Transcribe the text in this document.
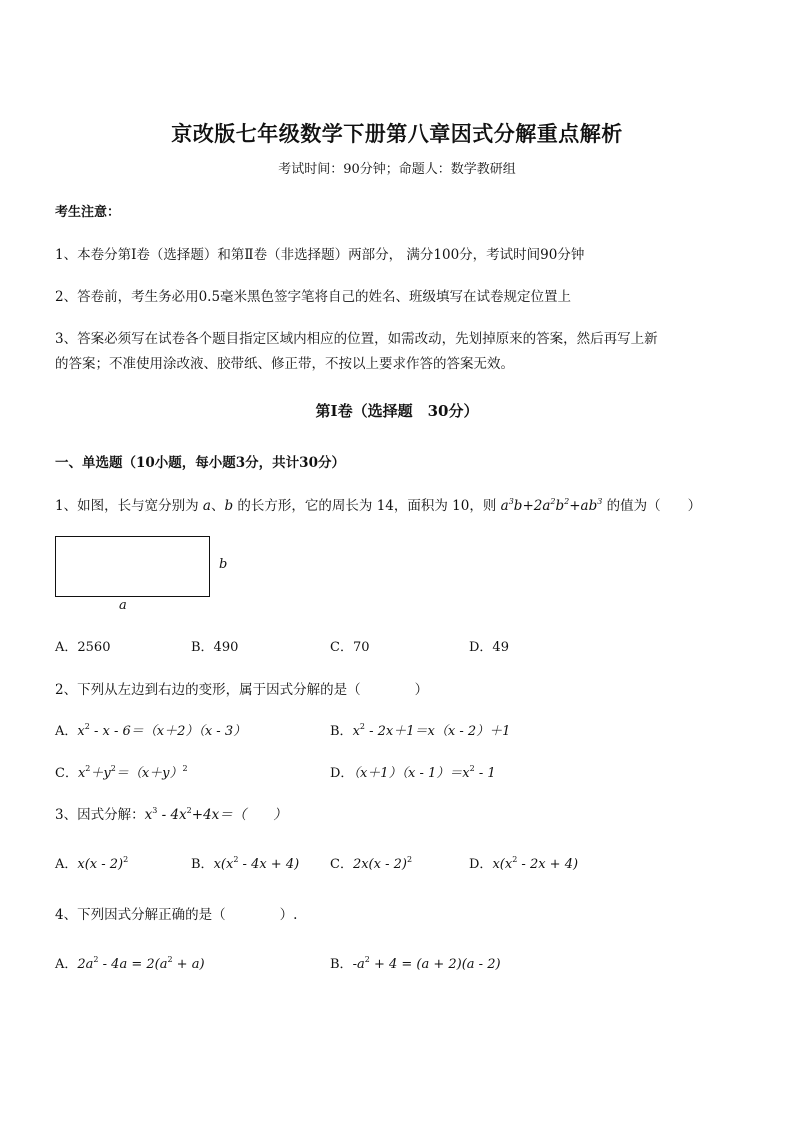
京改版七年级数学下册第八章因式分解重点解析
考试时间：90分钟；命题人：数学教研组
考生注意：
1、本卷分第Ⅰ卷（选择题）和第Ⅱ卷（非选择题）两部分， 满分100分，考试时间90分钟
2、答卷前，考生务必用0.5毫米黑色签字笔将自己的姓名、班级填写在试卷规定位置上
3、答案必须写在试卷各个题目指定区域内相应的位置，如需改动，先划掉原来的答案，然后再写上新
的答案；不准使用涂改液、胶带纸、修正带，不按以上要求作答的答案无效。
第Ⅰ卷（选择题　30分）
一、单选题（10小题，每小题3分，共计30分）
1、如图，长与宽分别为 a、b 的长方形，它的周长为 14，面积为 10，则 $a^3b+2a^2b^2+ab^3$ 的值为（　　）
b
a
A．2560	B．490	C．70	D．49
2、下列从左边到右边的变形，属于因式分解的是（　　　　）
A．$x^2 - x - 6=(x+2)(x - 3)$	B．$x^2 - 2x+1=x(x - 2)+1$
C．$x^2+y^2=(x+y)^2$	D．$(x+1)(x - 1)=x^2 - 1$
3、因式分解：$x^3 - 4x^2+4x=$（　　）
A．x(x - 2)$^2$	B．$x(x^2 - 4x + 4)$ C．2x(x - 2)$^2$	D．$x(x^2 - 2x + 4)$
4、下列因式分解正确的是（　　　　）.
A．$2a^2 - 4a = 2(a^2 + a)$	B．$-a^2 + 4 = (a + 2)(a - 2)$
